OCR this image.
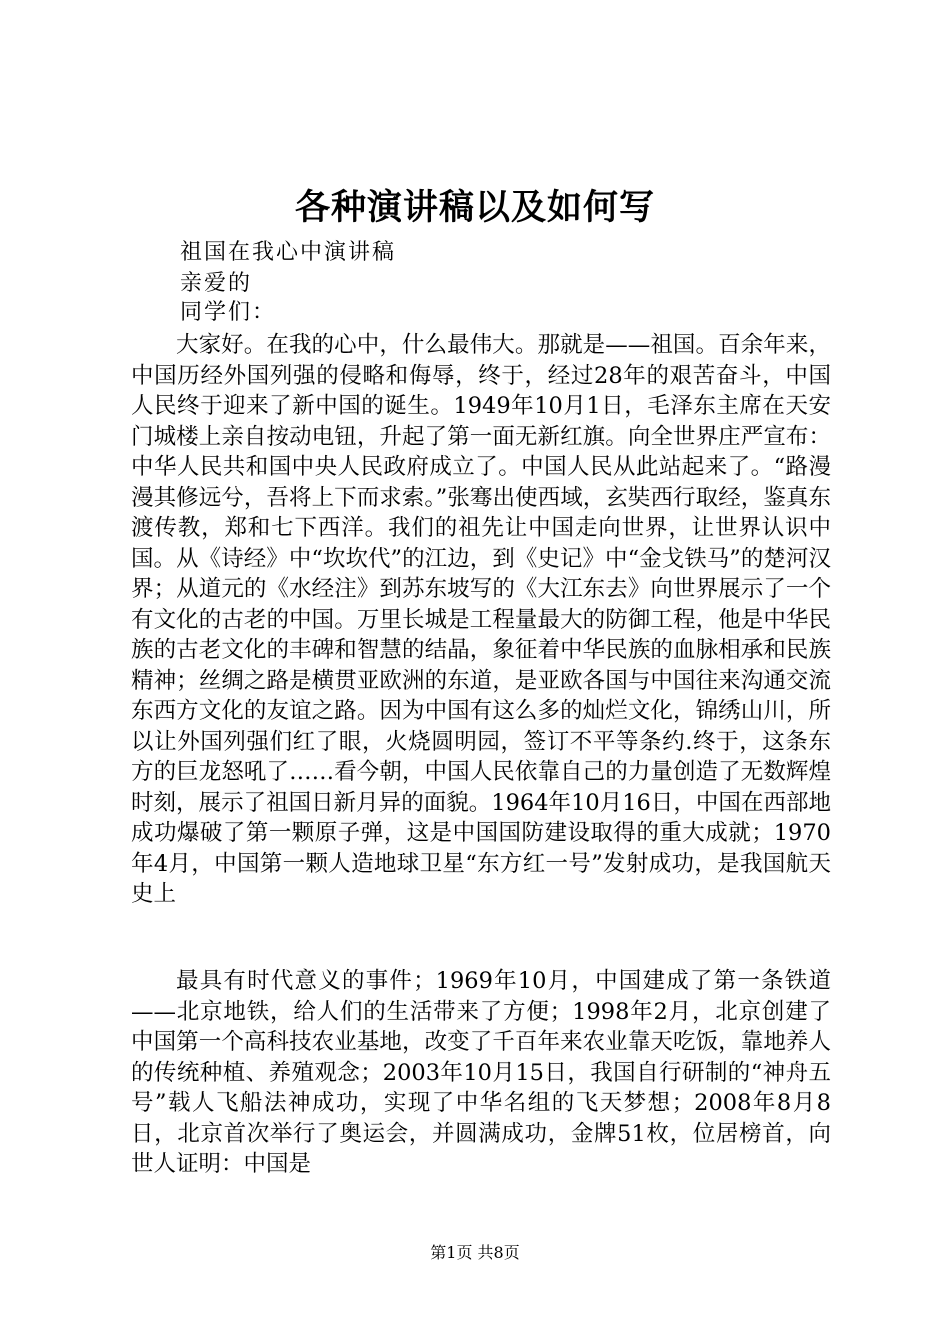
各种演讲稿以及如何写
祖国在我心中演讲稿
亲爱的
同学们：

大家好。在我的心中，什么最伟大。那就是——祖国。百余年来，中国历经外国列强的侵略和侮辱，终于，经过28年的艰苦奋斗，中国人民终于迎来了新中国的诞生。1949年10月1日，毛泽东主席在天安门城楼上亲自按动电钮，升起了第一面无新红旗。向全世界庄严宣布：中华人民共和国中央人民政府成立了。中国人民从此站起来了。“路漫漫其修远兮，吾将上下而求索。”张骞出使西域，玄奘西行取经，鉴真东渡传教，郑和七下西洋。我们的祖先让中国走向世界，让世界认识中国。从《诗经》中“坎坎代”的江边，到《史记》中“金戈铁马”的楚河汉界；从道元的《水经注》到苏东坡写的《大江东去》向世界展示了一个有文化的古老的中国。万里长城是工程量最大的防御工程，他是中华民族的古老文化的丰碑和智慧的结晶，象征着中华民族的血脉相承和民族精神；丝绸之路是横贯亚欧洲的东道，是亚欧各国与中国往来沟通交流东西方文化的友谊之路。因为中国有这么多的灿烂文化，锦绣山川，所以让外国列强们红了眼，火烧圆明园，签订不平等条约.终于，这条东方的巨龙怒吼了……看今朝，中国人民依靠自己的力量创造了无数辉煌时刻，展示了祖国日新月异的面貌。1964年10月16日，中国在西部地成功爆破了第一颗原子弹，这是中国国防建设取得的重大成就；1970年4月，中国第一颗人造地球卫星“东方红一号”发射成功，是我国航天史上

最具有时代意义的事件；1969年10月，中国建成了第一条铁道——北京地铁，给人们的生活带来了方便；1998年2月，北京创建了中国第一个高科技农业基地，改变了千百年来农业靠天吃饭，靠地养人的传统种植、养殖观念；2003年10月15日，我国自行研制的“神舟五号”载人飞船法神成功，实现了中华名组的飞天梦想；2008年8月8日，北京首次举行了奥运会，并圆满成功，金牌51枚，位居榜首，向世人证明：中国是

第1页 共8页
